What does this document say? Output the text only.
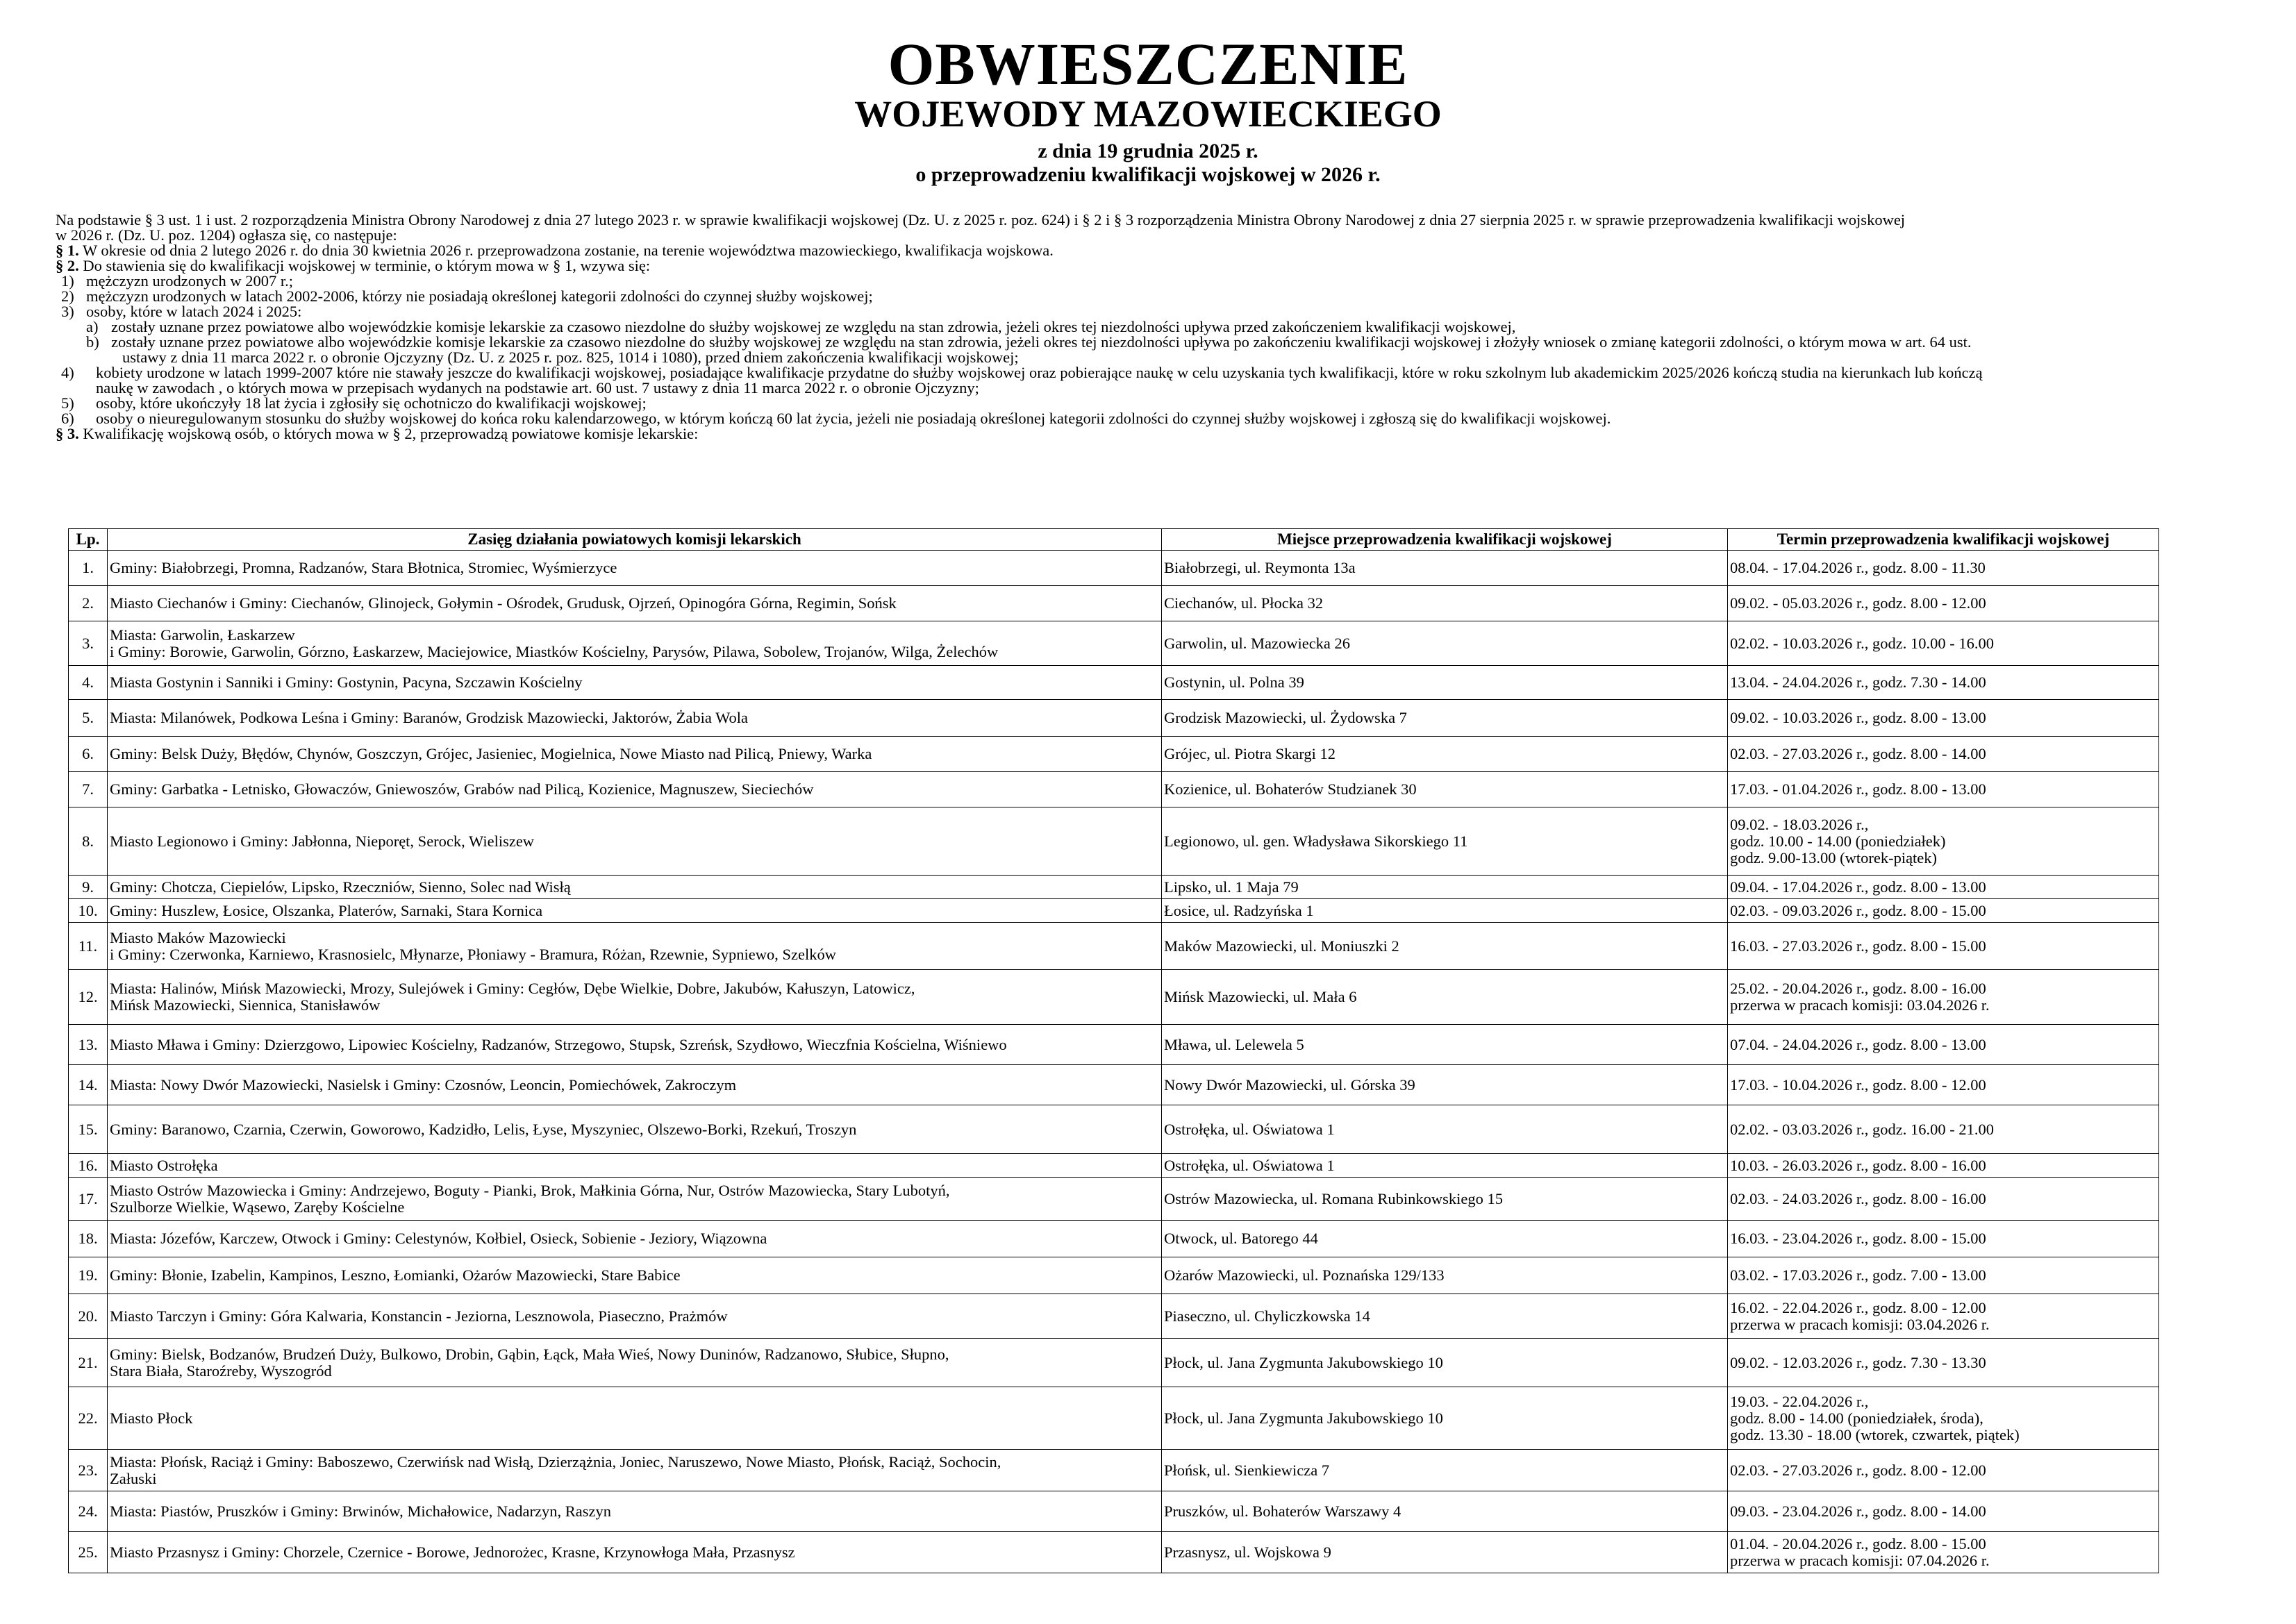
OBWIESZCZENIE
WOJEWODY MAZOWIECKIEGO
z dnia 19 grudnia 2025 r.
o przeprowadzeniu kwalifikacji wojskowej w 2026 r.
Na podstawie § 3 ust. 1 i ust. 2 rozporządzenia Ministra Obrony Narodowej z dnia 27 lutego 2023 r. w sprawie kwalifikacji wojskowej (Dz. U. z 2025 r. poz. 624) i § 2 i § 3 rozporządzenia Ministra Obrony Narodowej z dnia 27 sierpnia 2025 r. w sprawie przeprowadzenia kwalifikacji wojskowej
w 2026 r. (Dz. U. poz. 1204) ogłasza się, co następuje:
§ 1. W okresie od dnia 2 lutego 2026 r. do dnia 30 kwietnia 2026 r. przeprowadzona zostanie, na terenie województwa mazowieckiego, kwalifikacja wojskowa.
§ 2. Do stawienia się do kwalifikacji wojskowej w terminie, o którym mowa w § 1, wzywa się:
1) mężczyzn urodzonych w 2007 r.;
2) mężczyzn urodzonych w latach 2002-2006, którzy nie posiadają określonej kategorii zdolności do czynnej służby wojskowej;
3) osoby, które w latach 2024 i 2025:
a) zostały uznane przez powiatowe albo wojewódzkie komisje lekarskie za czasowo niezdolne do służby wojskowej ze względu na stan zdrowia, jeżeli okres tej niezdolności upływa przed zakończeniem kwalifikacji wojskowej,
b) zostały uznane przez powiatowe albo wojewódzkie komisje lekarskie za czasowo niezdolne do służby wojskowej ze względu na stan zdrowia, jeżeli okres tej niezdolności upływa po zakończeniu kwalifikacji wojskowej i złożyły wniosek o zmianę kategorii zdolności, o którym mowa w art. 64 ust.
ustawy z dnia 11 marca 2022 r. o obronie Ojczyzny (Dz. U. z 2025 r. poz. 825, 1014 i 1080), przed dniem zakończenia kwalifikacji wojskowej;
4) kobiety urodzone w latach 1999-2007 które nie stawały jeszcze do kwalifikacji wojskowej, posiadające kwalifikacje przydatne do służby wojskowej oraz pobierające naukę w celu uzyskania tych kwalifikacji, które w roku szkolnym lub akademickim 2025/2026 kończą studia na kierunkach lub kończą
naukę w zawodach , o których mowa w przepisach wydanych na podstawie art. 60 ust. 7 ustawy z dnia 11 marca 2022 r. o obronie Ojczyzny;
5) osoby, które ukończyły 18 lat życia i zgłosiły się ochotniczo do kwalifikacji wojskowej;
6) osoby o nieuregulowanym stosunku do służby wojskowej do końca roku kalendarzowego, w którym kończą 60 lat życia, jeżeli nie posiadają określonej kategorii zdolności do czynnej służby wojskowej i zgłoszą się do kwalifikacji wojskowej.
§ 3. Kwalifikację wojskową osób, o których mowa w § 2, przeprowadzą powiatowe komisje lekarskie:
Lp.	Zasięg działania powiatowych komisji lekarskich	Miejsce przeprowadzenia kwalifikacji wojskowej	Termin przeprowadzenia kwalifikacji wojskowej
1.	Gminy: Białobrzegi, Promna, Radzanów, Stara Błotnica, Stromiec, Wyśmierzyce	Białobrzegi, ul. Reymonta 13a	08.04. - 17.04.2026 r., godz. 8.00 - 11.30

2.	Miasto Ciechanów i Gminy: Ciechanów, Glinojeck, Gołymin - Ośrodek, Grudusk, Ojrzeń, Opinogóra Górna, Regimin, Sońsk	Ciechanów, ul. Płocka 32	09.02. - 05.03.2026 r., godz. 8.00 - 12.00

3.	Miasta: Garwolin, Łaskarzew
i Gminy: Borowie, Garwolin, Górzno, Łaskarzew, Maciejowice, Miastków Kościelny, Parysów, Pilawa, Sobolew, Trojanów, Wilga, Żelechów	Garwolin, ul. Mazowiecka 26	02.02. - 10.03.2026 r., godz. 10.00 - 16.00

4.	Miasta Gostynin i Sanniki i Gminy: Gostynin, Pacyna, Szczawin Kościelny	Gostynin, ul. Polna 39	13.04. - 24.04.2026 r., godz. 7.30 - 14.00

5.	Miasta: Milanówek, Podkowa Leśna i Gminy: Baranów, Grodzisk Mazowiecki, Jaktorów, Żabia Wola	Grodzisk Mazowiecki, ul. Żydowska 7	09.02. - 10.03.2026 r., godz. 8.00 - 13.00

6.	Gminy: Belsk Duży, Błędów, Chynów, Goszczyn, Grójec, Jasieniec, Mogielnica, Nowe Miasto nad Pilicą, Pniewy, Warka	Grójec, ul. Piotra Skargi 12	02.03. - 27.03.2026 r., godz. 8.00 - 14.00

7.	Gminy: Garbatka - Letnisko, Głowaczów, Gniewoszów, Grabów nad Pilicą, Kozienice, Magnuszew, Sieciechów	Kozienice, ul. Bohaterów Studzianek 30	17.03. - 01.04.2026 r., godz. 8.00 - 13.00

8.	Miasto Legionowo i Gminy: Jabłonna, Nieporęt, Serock, Wieliszew	Legionowo, ul. gen. Władysława Sikorskiego 11	09.02. - 18.03.2026 r.,
godz. 10.00 - 14.00 (poniedziałek)
godz. 9.00-13.00 (wtorek-piątek)

9.	Gminy: Chotcza, Ciepielów, Lipsko, Rzeczniów, Sienno, Solec nad Wisłą	Lipsko, ul. 1 Maja 79	09.04. - 17.04.2026 r., godz. 8.00 - 13.00

10.	Gminy: Huszlew, Łosice, Olszanka, Platerów, Sarnaki, Stara Kornica	Łosice, ul. Radzyńska 1	02.03. - 09.03.2026 r., godz. 8.00 - 15.00

11.	Miasto Maków Mazowiecki
i Gminy: Czerwonka, Karniewo, Krasnosielc, Młynarze, Płoniawy - Bramura, Różan, Rzewnie, Sypniewo, Szelków	Maków Mazowiecki, ul. Moniuszki 2	16.03. - 27.03.2026 r., godz. 8.00 - 15.00

12.	Miasta: Halinów, Mińsk Mazowiecki, Mrozy, Sulejówek i Gminy: Cegłów, Dębe Wielkie, Dobre, Jakubów, Kałuszyn, Latowicz,
Mińsk Mazowiecki, Siennica, Stanisławów	Mińsk Mazowiecki, ul. Mała 6	25.02. - 20.04.2026 r., godz. 8.00 - 16.00
przerwa w pracach komisji: 03.04.2026 r.

13.	Miasto Mława i Gminy: Dzierzgowo, Lipowiec Kościelny, Radzanów, Strzegowo, Stupsk, Szreńsk, Szydłowo, Wieczfnia Kościelna, Wiśniewo	Mława, ul. Lelewela 5	07.04. - 24.04.2026 r., godz. 8.00 - 13.00

14.	Miasta: Nowy Dwór Mazowiecki, Nasielsk i Gminy: Czosnów, Leoncin, Pomiechówek, Zakroczym	Nowy Dwór Mazowiecki, ul. Górska 39	17.03. - 10.04.2026 r., godz. 8.00 - 12.00

15.	Gminy: Baranowo, Czarnia, Czerwin, Goworowo, Kadzidło, Lelis, Łyse, Myszyniec, Olszewo-Borki, Rzekuń, Troszyn	Ostrołęka, ul. Oświatowa 1	02.02. - 03.03.2026 r., godz. 16.00 - 21.00

16.	Miasto Ostrołęka	Ostrołęka, ul. Oświatowa 1	10.03. - 26.03.2026 r., godz. 8.00 - 16.00

17.	Miasto Ostrów Mazowiecka i Gminy: Andrzejewo, Boguty - Pianki, Brok, Małkinia Górna, Nur, Ostrów Mazowiecka, Stary Lubotyń,
Szulborze Wielkie, Wąsewo, Zaręby Kościelne	Ostrów Mazowiecka, ul. Romana Rubinkowskiego 15	02.03. - 24.03.2026 r., godz. 8.00 - 16.00

18.	Miasta: Józefów, Karczew, Otwock i Gminy: Celestynów, Kołbiel, Osieck, Sobienie - Jeziory, Wiązowna	Otwock, ul. Batorego 44	16.03. - 23.04.2026 r., godz. 8.00 - 15.00

19.	Gminy: Błonie, Izabelin, Kampinos, Leszno, Łomianki, Ożarów Mazowiecki, Stare Babice	Ożarów Mazowiecki, ul. Poznańska 129/133	03.02. - 17.03.2026 r., godz. 7.00 - 13.00

20.	Miasto Tarczyn i Gminy: Góra Kalwaria, Konstancin - Jeziorna, Lesznowola, Piaseczno, Prażmów	Piaseczno, ul. Chyliczkowska 14	16.02. - 22.04.2026 r., godz. 8.00 - 12.00
przerwa w pracach komisji: 03.04.2026 r.

21.	Gminy: Bielsk, Bodzanów, Brudzeń Duży, Bulkowo, Drobin, Gąbin, Łąck, Mała Wieś, Nowy Duninów, Radzanowo, Słubice, Słupno,
Stara Biała, Staroźreby, Wyszogród	Płock, ul. Jana Zygmunta Jakubowskiego 10	09.02. - 12.03.2026 r., godz. 7.30 - 13.30

22.	Miasto Płock	Płock, ul. Jana Zygmunta Jakubowskiego 10	19.03. - 22.04.2026 r.,
godz. 8.00 - 14.00 (poniedziałek, środa),
godz. 13.30 - 18.00 (wtorek, czwartek, piątek)

23.	Miasta: Płońsk, Raciąż i Gminy: Baboszewo, Czerwińsk nad Wisłą, Dzierzążnia, Joniec, Naruszewo, Nowe Miasto, Płońsk, Raciąż, Sochocin,
Załuski	Płońsk, ul. Sienkiewicza 7	02.03. - 27.03.2026 r., godz. 8.00 - 12.00

24.	Miasta: Piastów, Pruszków i Gminy: Brwinów, Michałowice, Nadarzyn, Raszyn	Pruszków, ul. Bohaterów Warszawy 4	09.03. - 23.04.2026 r., godz. 8.00 - 14.00

25.	Miasto Przasnysz i Gminy: Chorzele, Czernice - Borowe, Jednorożec, Krasne, Krzynowłoga Mała, Przasnysz	Przasnysz, ul. Wojskowa 9	01.04. - 20.04.2026 r., godz. 8.00 - 15.00
przerwa w pracach komisji: 07.04.2026 r.
